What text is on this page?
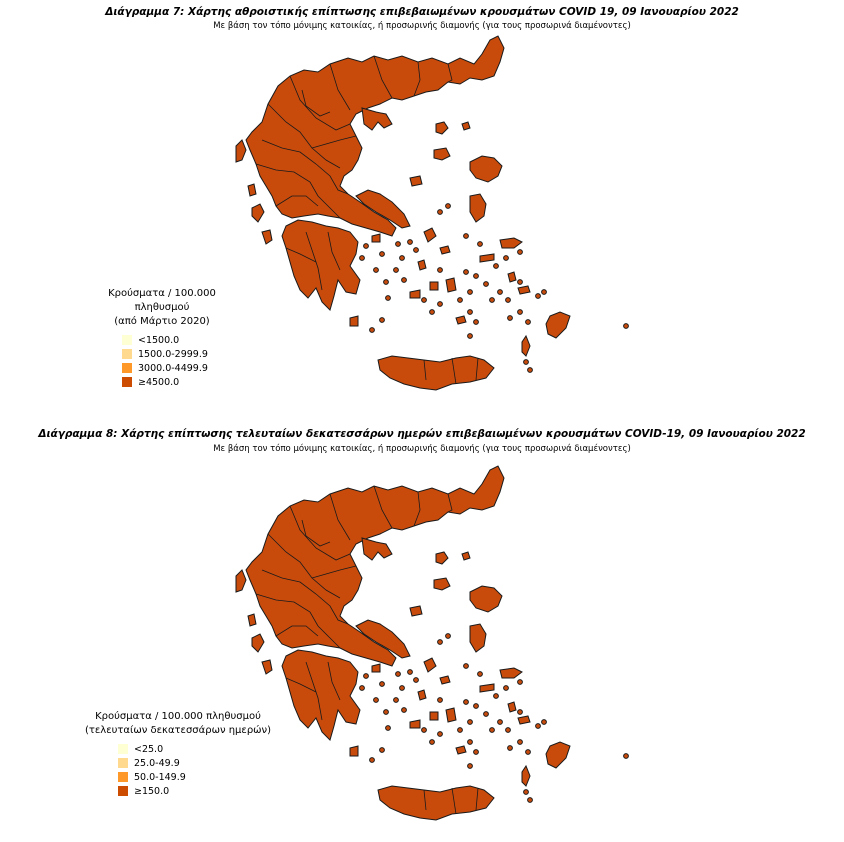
Διάγραμμα 7: Χάρτης αθροιστικής επίπτωσης επιβεβαιωμένων κρουσμάτων COVID 19, 09 Ιανουαρίου 2022
Με βάση τον τόπο μόνιμης κατοικίας, ή προσωρινής διαμονής (για τους προσωρινά διαμένοντες)
Κρούσματα / 100.000 πληθυσμού
(από Μάρτιο 2020)
<1500.0
1500.0-2999.9
3000.0-4499.9
≥4500.0
Διάγραμμα 8: Χάρτης επίπτωσης τελευταίων δεκατεσσάρων ημερών επιβεβαιωμένων κρουσμάτων COVID-19, 09 Ιανουαρίου 2022
Με βάση τον τόπο μόνιμης κατοικίας, ή προσωρινής διαμονής (για τους προσωρινά διαμένοντες)
Κρούσματα / 100.000 πληθυσμού
(τελευταίων δεκατεσσάρων ημερών)
<25.0
25.0-49.9
50.0-149.9
≥150.0
